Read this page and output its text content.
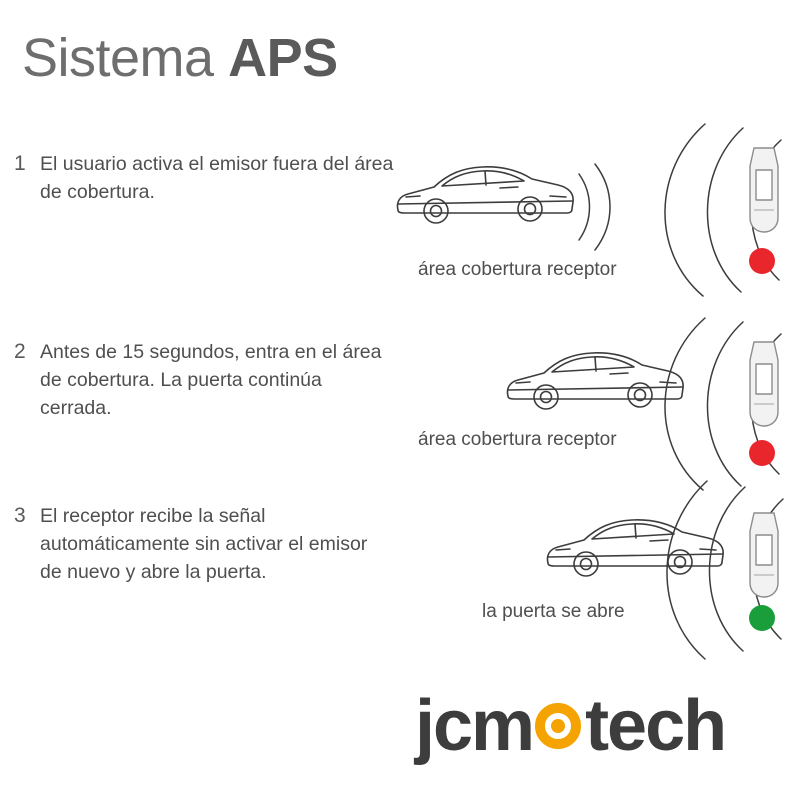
Sistema APS
1 El usuario activa el emisor fuera del área de cobertura.
2 Antes de 15 segundos, entra en el área de cobertura. La puerta continúa cerrada.
3 El receptor recibe la señal automáticamente sin activar el emisor de nuevo y abre la puerta.
área cobertura receptor
área cobertura receptor
la puerta se abre
jcm tech
